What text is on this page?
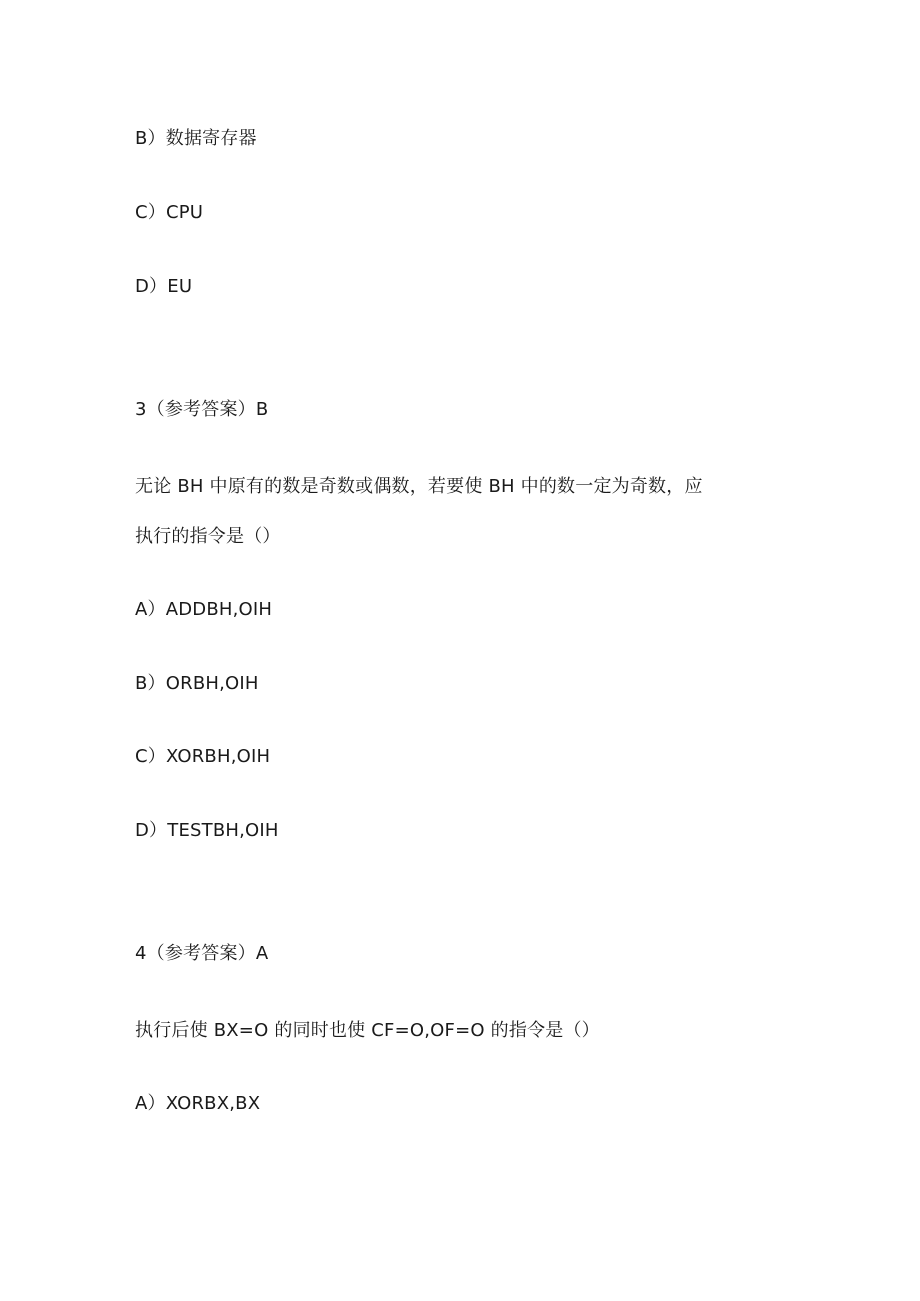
B）数据寄存器
C）CPU
D）EU
3（参考答案）B
无论 BH 中原有的数是奇数或偶数，若要使 BH 中的数一定为奇数，应
执行的指令是（）
A）ADDBH,OIH
B）ORBH,OIH
C）XORBH,OIH
D）TESTBH,OIH
4（参考答案）A
执行后使 BX=O 的同时也使 CF=O,OF=O 的指令是（）
A）XORBX,BX
